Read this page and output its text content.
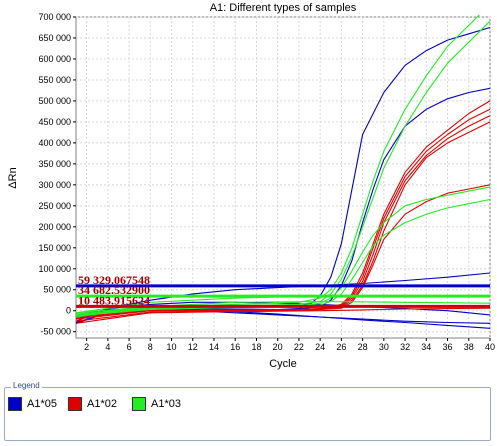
A1: Different types of samples
59 329.067548
34 682.532900
10 483.915624
-50 000
0
50 000
100 000
150 000
200 000
250 000
300 000
350 000
400 000
450 000
500 000
550 000
600 000
650 000
700 000
2 4 6 8 10 12 14 16 18 20 22 24 26 28 30 32 34 36 38 40
Cycle
ΔRn
Legend
A1*05	A1*02	A1*03
